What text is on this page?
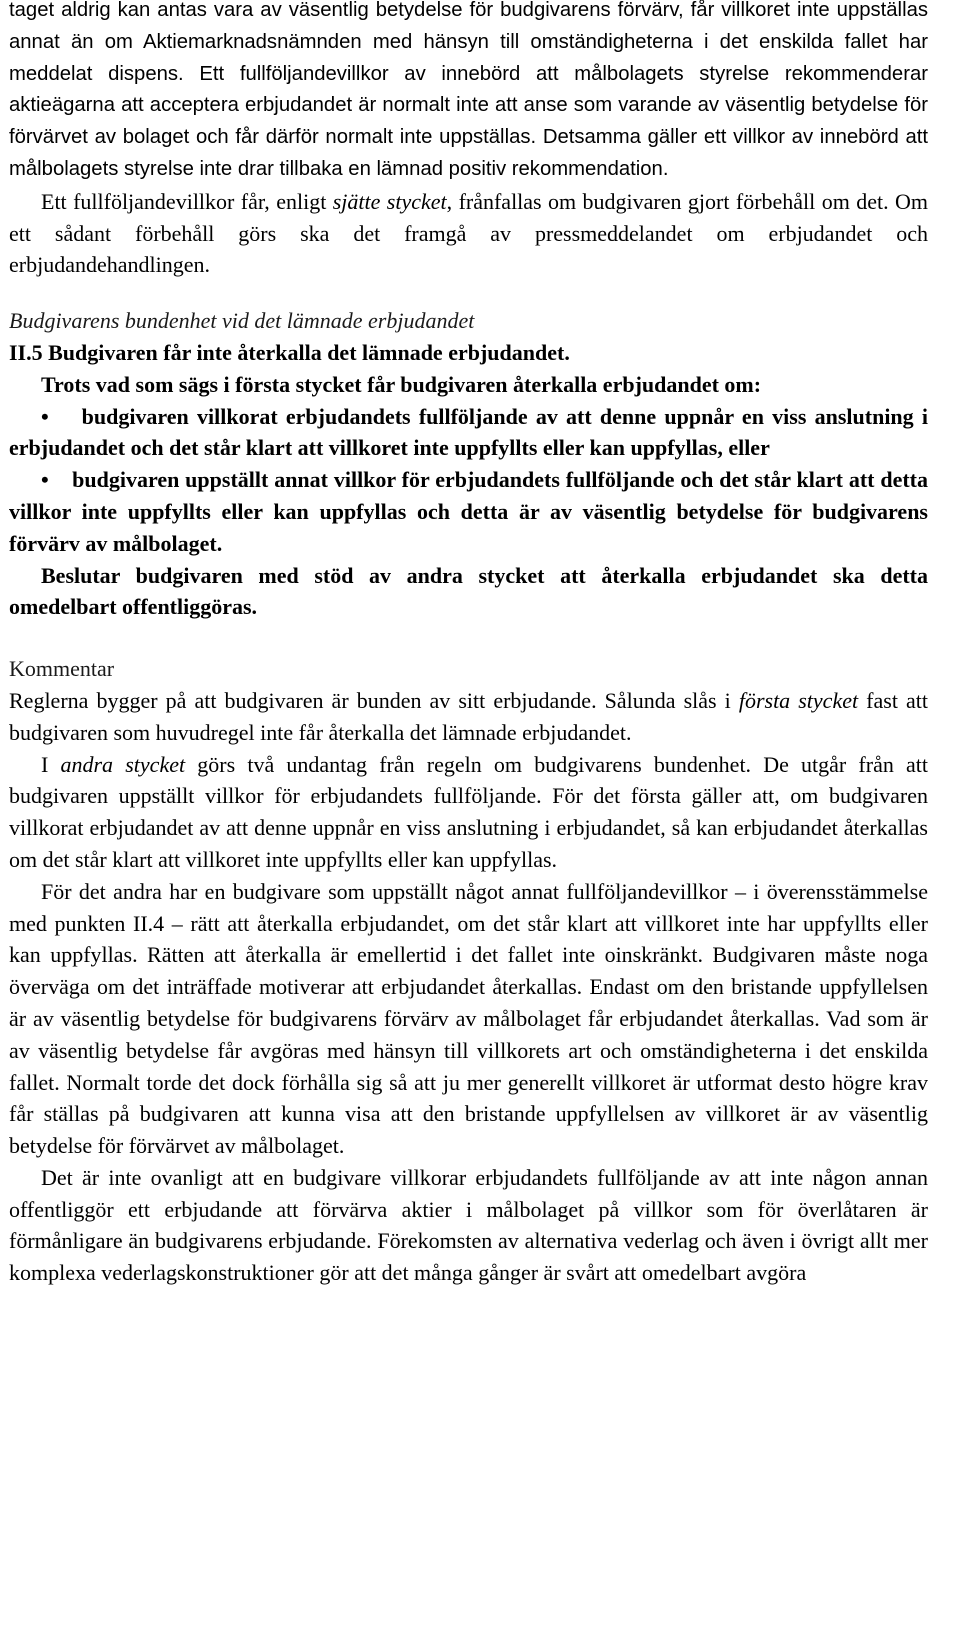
taget aldrig kan antas vara av väsentlig betydelse för budgivarens förvärv, får villkoret inte uppställas annat än om Aktiemarknadsnämnden med hänsyn till omständigheterna i det enskilda fallet har meddelat dispens. Ett fullföljandevillkor av innebörd att målbolagets styrelse rekommenderar aktieägarna att acceptera erbjudandet är normalt inte att anse som varande av väsentlig betydelse för förvärvet av bolaget och får därför normalt inte uppställas. Detsamma gäller ett villkor av innebörd att målbolagets styrelse inte drar tillbaka en lämnad positiv rekommendation.

Ett fullföljandevillkor får, enligt sjätte stycket, frånfallas om budgivaren gjort förbehåll om det. Om ett sådant förbehåll görs ska det framgå av pressmeddelandet om erbjudandet och erbjudandehandlingen.

Budgivarens bundenhet vid det lämnade erbjudandet

II.5 Budgivaren får inte återkalla det lämnade erbjudandet.

Trots vad som sägs i första stycket får budgivaren återkalla erbjudandet om:

• budgivaren villkorat erbjudandets fullföljande av att denne uppnår en viss anslutning i erbjudandet och det står klart att villkoret inte uppfyllts eller kan uppfyllas, eller

• budgivaren uppställt annat villkor för erbjudandets fullföljande och det står klart att detta villkor inte uppfyllts eller kan uppfyllas och detta är av väsentlig betydelse för budgivarens förvärv av målbolaget.

Beslutar budgivaren med stöd av andra stycket att återkalla erbjudandet ska detta omedelbart offentliggöras.

Kommentar

Reglerna bygger på att budgivaren är bunden av sitt erbjudande. Sålunda slås i första stycket fast att budgivaren som huvudregel inte får återkalla det lämnade erbjudandet.

I andra stycket görs två undantag från regeln om budgivarens bundenhet. De utgår från att budgivaren uppställt villkor för erbjudandets fullföljande. För det första gäller att, om budgivaren villkorat erbjudandet av att denne uppnår en viss anslutning i erbjudandet, så kan erbjudandet återkallas om det står klart att villkoret inte uppfyllts eller kan uppfyllas.

För det andra har en budgivare som uppställt något annat fullföljandevillkor – i överensstämmelse med punkten II.4 – rätt att återkalla erbjudandet, om det står klart att villkoret inte har uppfyllts eller kan uppfyllas. Rätten att återkalla är emellertid i det fallet inte oinskränkt. Budgivaren måste noga överväga om det inträffade motiverar att erbjudandet återkallas. Endast om den bristande uppfyllelsen är av väsentlig betydelse för budgivarens förvärv av målbolaget får erbjudandet återkallas. Vad som är av väsentlig betydelse får avgöras med hänsyn till villkorets art och omständigheterna i det enskilda fallet. Normalt torde det dock förhålla sig så att ju mer generellt villkoret är utformat desto högre krav får ställas på budgivaren att kunna visa att den bristande uppfyllelsen av villkoret är av väsentlig betydelse för förvärvet av målbolaget.

Det är inte ovanligt att en budgivare villkorar erbjudandets fullföljande av att inte någon annan offentliggör ett erbjudande att förvärva aktier i målbolaget på villkor som för överlåtaren är förmånligare än budgivarens erbjudande. Förekomsten av alternativa vederlag och även i övrigt allt mer komplexa vederlagskonstruktioner gör att det många gånger är svårt att omedelbart avgöra
